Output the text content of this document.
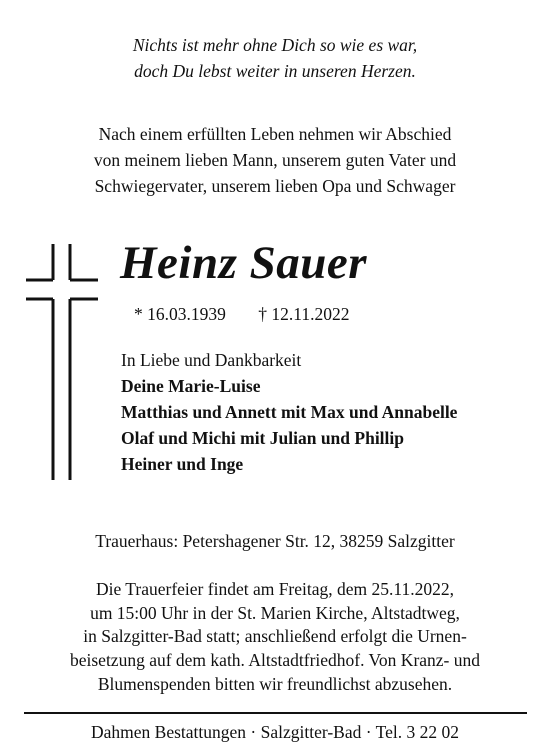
Nichts ist mehr ohne Dich so wie es war,
doch Du lebst weiter in unseren Herzen.
Nach einem erfüllten Leben nehmen wir Abschied
von meinem lieben Mann, unserem guten Vater und
Schwiegervater, unserem lieben Opa und Schwager
Heinz Sauer
* 16.03.1939 † 12.11.2022
In Liebe und Dankbarkeit
Deine Marie-Luise
Matthias und Annett mit Max und Annabelle
Olaf und Michi mit Julian und Phillip
Heiner und Inge
Trauerhaus: Petershagener Str. 12, 38259 Salzgitter
Die Trauerfeier findet am Freitag, dem 25.11.2022,
um 15:00 Uhr in der St. Marien Kirche, Altstadtweg,
in Salzgitter-Bad statt; anschließend erfolgt die Urnen-
beisetzung auf dem kath. Altstadtfriedhof. Von Kranz- und
Blumenspenden bitten wir freundlichst abzusehen.
Dahmen Bestattungen · Salzgitter-Bad · Tel. 3 22 02
